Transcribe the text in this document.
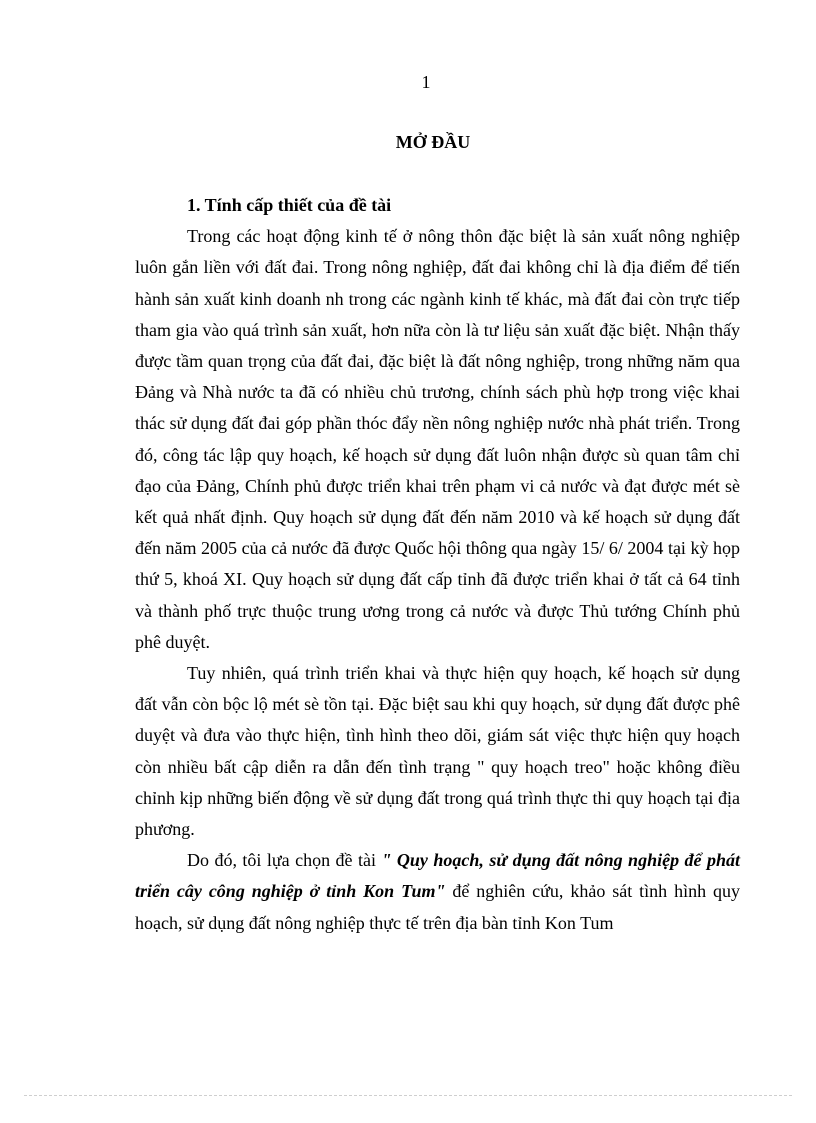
1
MỞ ĐẦU

1. Tính cấp thiết của đề tài

Trong các hoạt động kinh tế ở nông thôn đặc biệt là sản xuất nông nghiệp luôn gắn liền với đất đai. Trong nông nghiệp, đất đai không chỉ là địa điểm để tiến hành sản xuất kinh doanh nh trong các ngành kinh tế khác, mà đất đai còn trực tiếp tham gia vào quá trình sản xuất, hơn nữa còn là tư liệu sản xuất đặc biệt. Nhận thấy được tầm quan trọng của đất đai, đặc biệt là đất nông nghiệp, trong những năm qua Đảng và Nhà nước ta đã có nhiều chủ trương, chính sách phù hợp trong việc khai thác sử dụng đất đai góp phần thóc đẩy nền nông nghiệp nước nhà phát triển. Trong đó, công tác lập quy hoạch, kế hoạch sử dụng đất luôn nhận được sù quan tâm chỉ đạo của Đảng, Chính phủ được triển khai trên phạm vi cả nước và đạt được mét sè kết quả nhất định. Quy hoạch sử dụng đất đến năm 2010 và kế hoạch sử dụng đất đến năm 2005 của cả nước đã được Quốc hội thông qua ngày 15/ 6/ 2004 tại kỳ họp thứ 5, khoá XI. Quy hoạch sử dụng đất cấp tỉnh đã được triển khai ở tất cả 64 tỉnh và thành phố trực thuộc trung ương trong cả nước và được Thủ tướng Chính phủ phê duyệt.

Tuy nhiên, quá trình triển khai và thực hiện quy hoạch, kế hoạch sử dụng đất vẫn còn bộc lộ mét sè tồn tại. Đặc biệt sau khi quy hoạch, sử dụng đất được phê duyệt và đưa vào thực hiện, tình hình theo dõi, giám sát việc thực hiện quy hoạch còn nhiều bất cập diễn ra dẫn đến tình trạng " quy hoạch treo" hoặc không điều chỉnh kịp những biến động về sử dụng đất trong quá trình thực thi quy hoạch tại địa phương.

Do đó, tôi lựa chọn đề tài " Quy hoạch, sử dụng đất nông nghiệp để phát triển cây công nghiệp ở tỉnh Kon Tum" để nghiên cứu, khảo sát tình hình quy hoạch, sử dụng đất nông nghiệp thực tế trên địa bàn tỉnh Kon Tum
